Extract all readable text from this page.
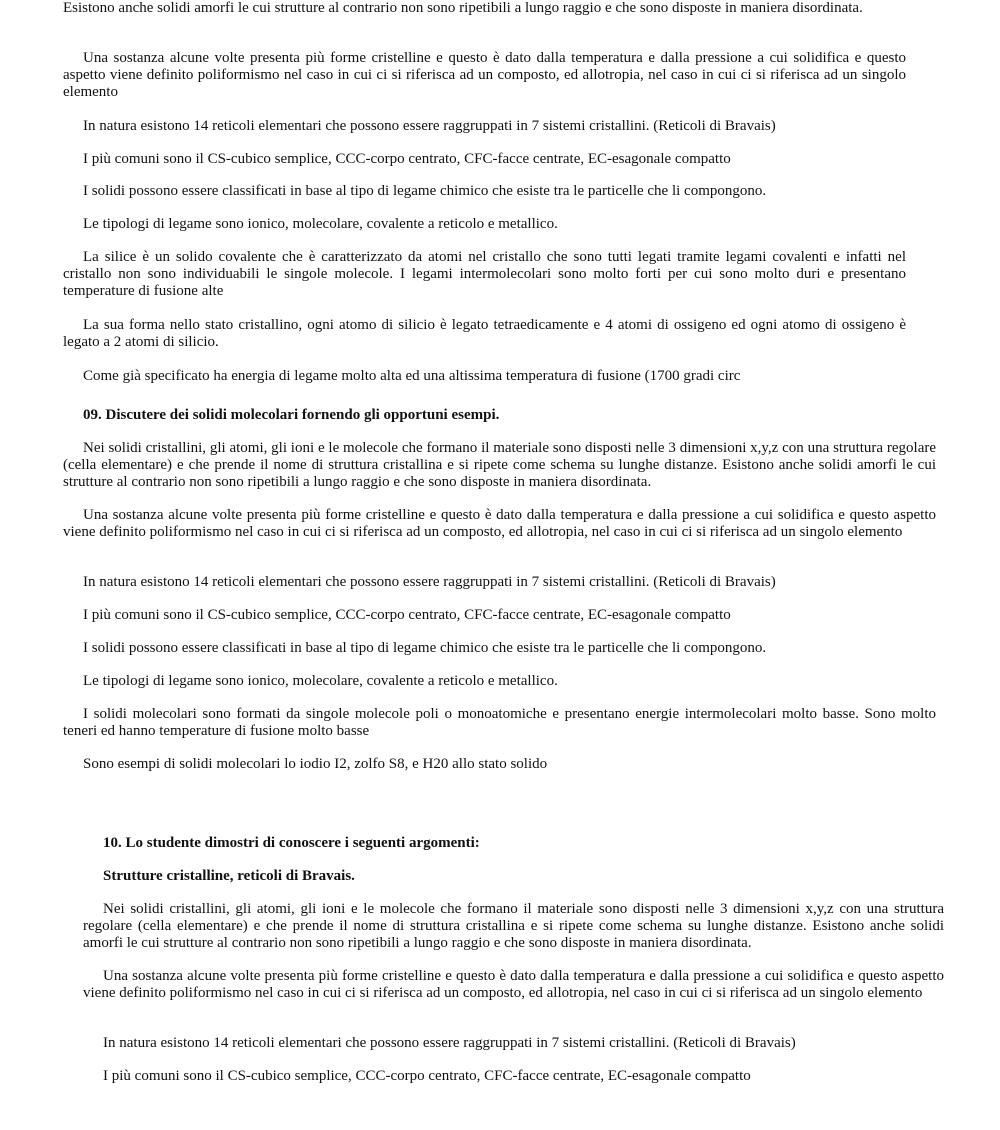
Esistono anche solidi amorfi le cui strutture al contrario non sono ripetibili a lungo raggio e che sono disposte in maniera disordinata.

Una sostanza alcune volte presenta più forme cristelline e questo è dato dalla temperatura e dalla pressione a cui solidifica e questo aspetto viene definito poliformismo nel caso in cui ci si riferisca ad un composto, ed allotropia, nel caso in cui ci si riferisca ad un singolo elemento

In natura esistono 14 reticoli elementari che possono essere raggruppati in 7 sistemi cristallini. (Reticoli di Bravais)

I più comuni sono il CS-cubico semplice, CCC-corpo centrato, CFC-facce centrate, EC-esagonale compatto

I solidi possono essere classificati in base al tipo di legame chimico che esiste tra le particelle che li compongono.

Le tipologi di legame sono ionico, molecolare, covalente a reticolo e metallico.

La silice è un solido covalente che è caratterizzato da atomi nel cristallo che sono tutti legati tramite legami covalenti e infatti nel cristallo non sono individuabili le singole molecole. I legami intermolecolari sono molto forti per cui sono molto duri e presentano temperature di fusione alte

La sua forma nello stato cristallino, ogni atomo di silicio è legato tetraedicamente e 4 atomi di ossigeno ed ogni atomo di ossigeno è legato a 2 atomi di silicio.

Come già specificato ha energia di legame molto alta ed una altissima temperatura di fusione (1700 gradi circ

09. Discutere dei solidi molecolari fornendo gli opportuni esempi.

Nei solidi cristallini, gli atomi, gli ioni e le molecole che formano il materiale sono disposti nelle 3 dimensioni x,y,z con una struttura regolare (cella elementare) e che prende il nome di struttura cristallina e si ripete come schema su lunghe distanze. Esistono anche solidi amorfi le cui strutture al contrario non sono ripetibili a lungo raggio e che sono disposte in maniera disordinata.

Una sostanza alcune volte presenta più forme cristelline e questo è dato dalla temperatura e dalla pressione a cui solidifica e questo aspetto viene definito poliformismo nel caso in cui ci si riferisca ad un composto, ed allotropia, nel caso in cui ci si riferisca ad un singolo elemento

In natura esistono 14 reticoli elementari che possono essere raggruppati in 7 sistemi cristallini. (Reticoli di Bravais)

I più comuni sono il CS-cubico semplice, CCC-corpo centrato, CFC-facce centrate, EC-esagonale compatto

I solidi possono essere classificati in base al tipo di legame chimico che esiste tra le particelle che li compongono.

Le tipologi di legame sono ionico, molecolare, covalente a reticolo e metallico.

I solidi molecolari sono formati da singole molecole poli o monoatomiche e presentano energie intermolecolari molto basse. Sono molto teneri ed hanno temperature di fusione molto basse

Sono esempi di solidi molecolari lo iodio I2, zolfo S8, e H20 allo stato solido

10. Lo studente dimostri di conoscere i seguenti argomenti:

Strutture cristalline, reticoli di Bravais.

Nei solidi cristallini, gli atomi, gli ioni e le molecole che formano il materiale sono disposti nelle 3 dimensioni x,y,z con una struttura regolare (cella elementare) e che prende il nome di struttura cristallina e si ripete come schema su lunghe distanze. Esistono anche solidi amorfi le cui strutture al contrario non sono ripetibili a lungo raggio e che sono disposte in maniera disordinata.

Una sostanza alcune volte presenta più forme cristelline e questo è dato dalla temperatura e dalla pressione a cui solidifica e questo aspetto viene definito poliformismo nel caso in cui ci si riferisca ad un composto, ed allotropia, nel caso in cui ci si riferisca ad un singolo elemento

In natura esistono 14 reticoli elementari che possono essere raggruppati in 7 sistemi cristallini. (Reticoli di Bravais)

I più comuni sono il CS-cubico semplice, CCC-corpo centrato, CFC-facce centrate, EC-esagonale compatto
